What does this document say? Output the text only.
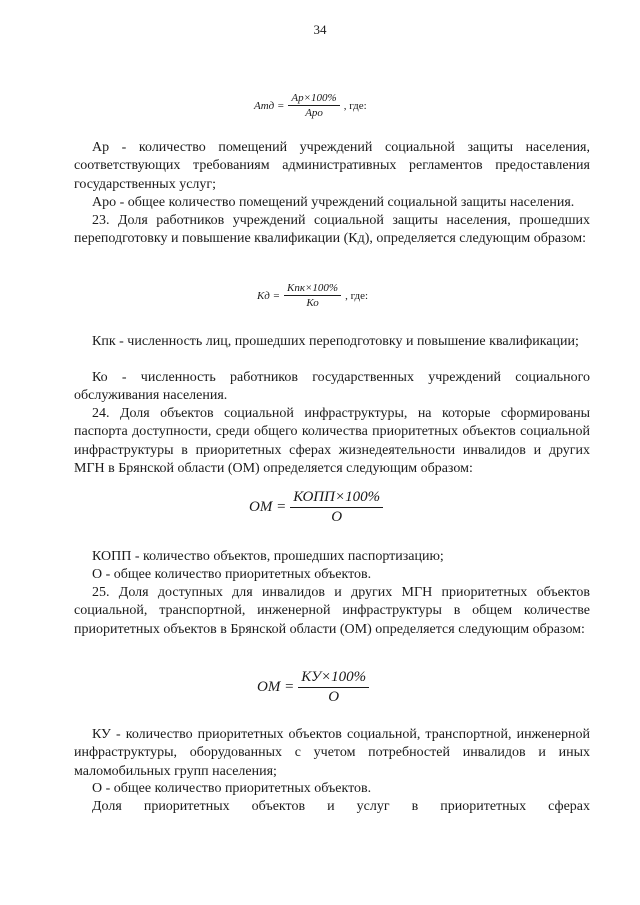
34
Атд = $\frac{Ар\times 100\%}{\text{Аро}}$ , где:

Ар - количество помещений учреждений социальной защиты населения, соответствующих требованиям административных регламентов предоставления государственных услуг;

Аро - общее количество помещений учреждений социальной защиты населения.

23. Доля работников учреждений социальной защиты населения, прошедших переподготовку и повышение квалификации (Кд), определяется следующим образом:

Кд = $\frac{\text{Кпк×100\%}}{Ко}$ , где:

Кпк - численность лиц, прошедших переподготовку и повышение квалификации;

Ко - численность работников государственных учреждений социального обслуживания населения.

24. Доля объектов социальной инфраструктуры, на которые сформированы паспорта доступности, среди общего количества приоритетных объектов социальной инфраструктуры в приоритетных сферах жизнедеятельности инвалидов и других МГН в Брянской области (ОМ) определяется следующим образом:

ОМ = $\frac{\text{КОПП×100\%}}{О}$

КОПП - количество объектов, прошедших паспортизацию;

О - общее количество приоритетных объектов.

25. Доля доступных для инвалидов и других МГН приоритетных объектов социальной, транспортной, инженерной инфраструктуры в общем количестве приоритетных объектов в Брянской области (ОМ) определяется следующим образом:

ОМ = $\frac{КУ\times 100\%}{О}$

КУ - количество приоритетных объектов социальной, транспортной, инженерной инфраструктуры, оборудованных с учетом потребностей инвалидов и иных маломобильных групп населения;

О - общее количество приоритетных объектов.

Доля приоритетных объектов и услуг в приоритетных сферах
